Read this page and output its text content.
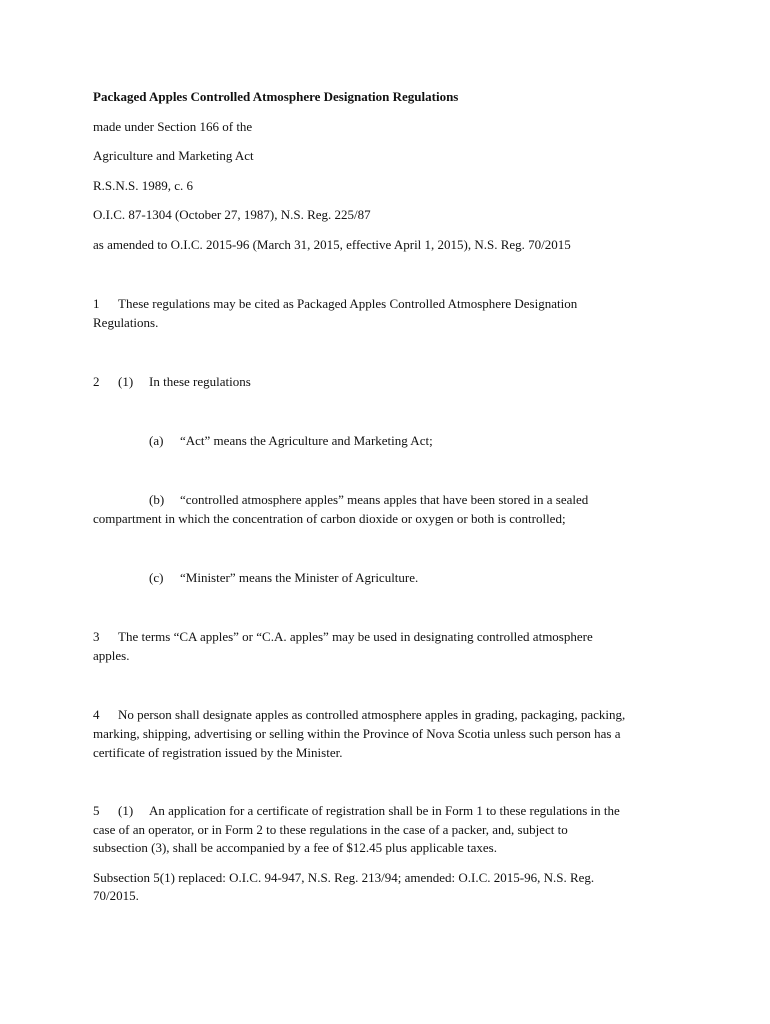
Packaged Apples Controlled Atmosphere Designation Regulations
made under Section 166 of the
Agriculture and Marketing Act
R.S.N.S. 1989, c. 6
O.I.C. 87-1304 (October 27, 1987), N.S. Reg. 225/87
as amended to O.I.C. 2015-96 (March 31, 2015, effective April 1, 2015), N.S. Reg. 70/2015
1 These regulations may be cited as Packaged Apples Controlled Atmosphere Designation
Regulations.
2 (1) In these regulations
(a) “Act” means the Agriculture and Marketing Act;
(b) “controlled atmosphere apples” means apples that have been stored in a sealed
compartment in which the concentration of carbon dioxide or oxygen or both is controlled;
(c) “Minister” means the Minister of Agriculture.
3 The terms “CA apples” or “C.A. apples” may be used in designating controlled atmosphere
apples.
4 No person shall designate apples as controlled atmosphere apples in grading, packaging, packing,
marking, shipping, advertising or selling within the Province of Nova Scotia unless such person has a
certificate of registration issued by the Minister.
5 (1) An application for a certificate of registration shall be in Form 1 to these regulations in the
case of an operator, or in Form 2 to these regulations in the case of a packer, and, subject to
subsection (3), shall be accompanied by a fee of $12.45 plus applicable taxes.
Subsection 5(1) replaced: O.I.C. 94-947, N.S. Reg. 213/94; amended: O.I.C. 2015-96, N.S. Reg.
70/2015.
